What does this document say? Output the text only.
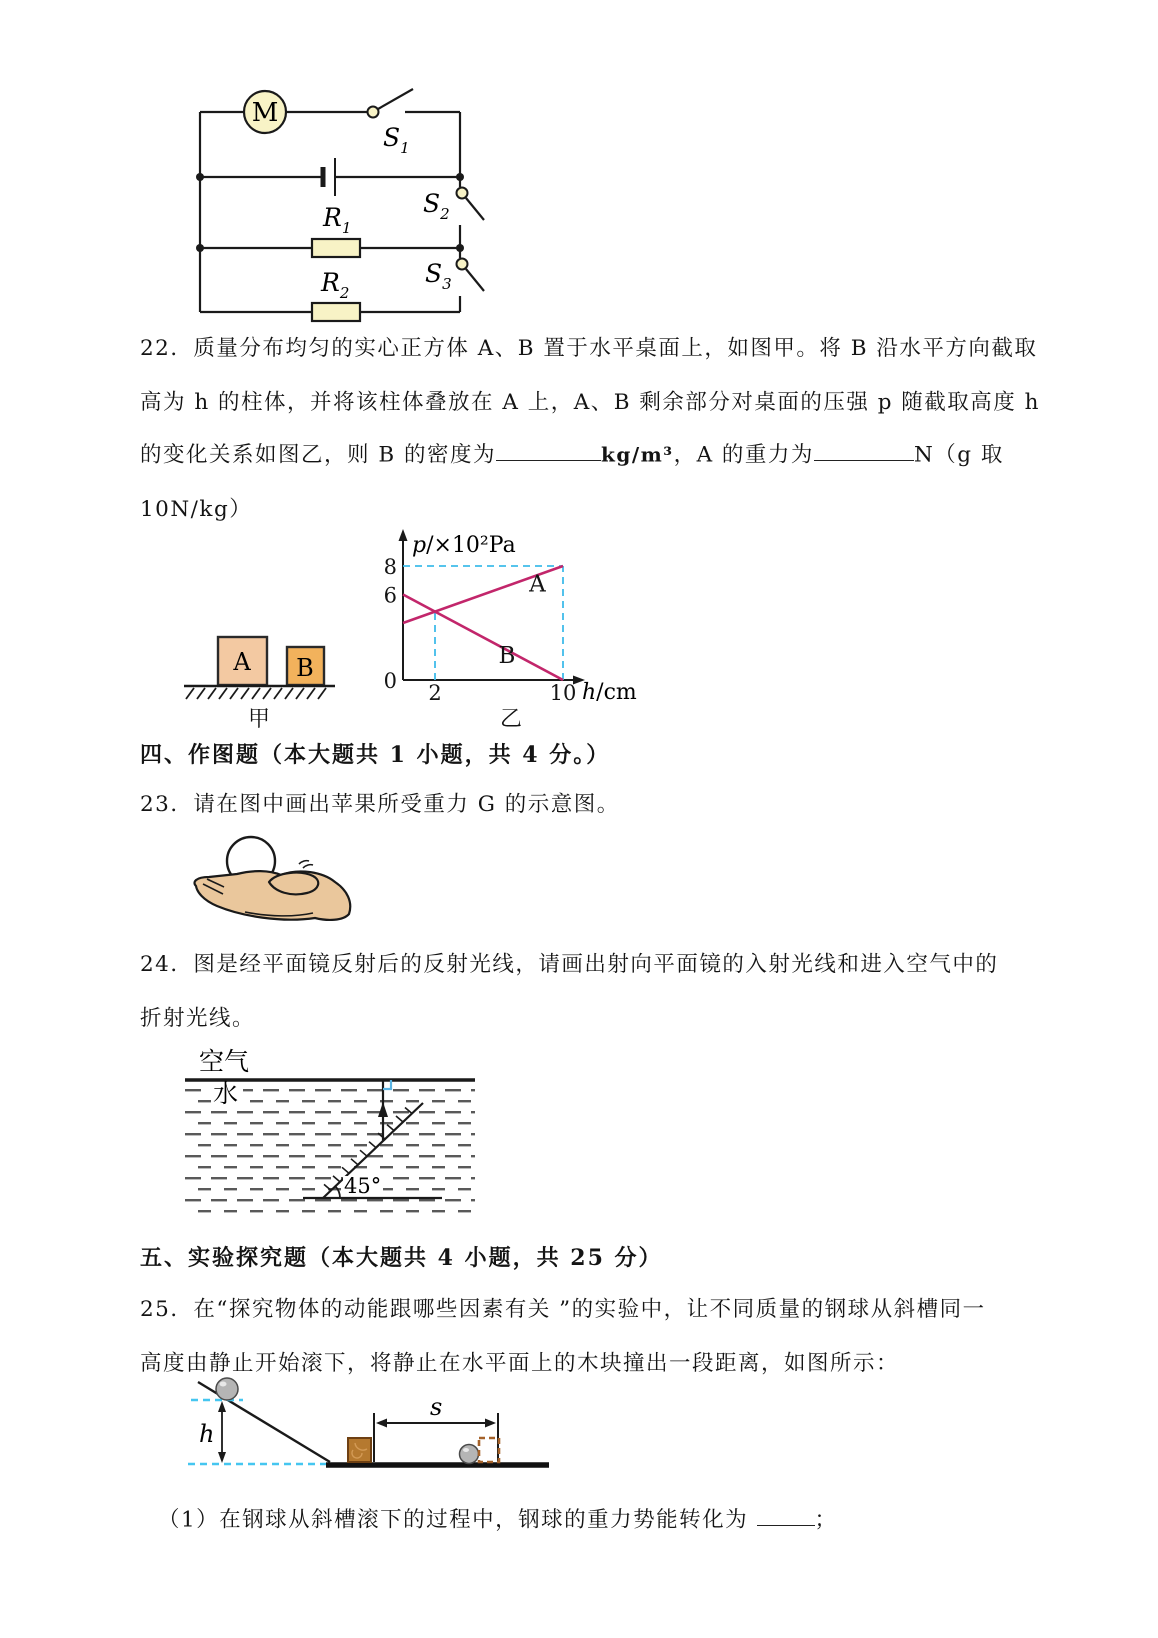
M
$S_1$
$S_2$
$S_3$
$R_1$
$R_2$
22．质量分布均匀的实心正方体 A、B 置于水平桌面上，如图甲。将 B 沿水平方向截取
高为 h 的柱体，并将该柱体叠放在 A 上，A、B 剩余部分对桌面的压强 p 随截取高度 h
的变化关系如图乙，则 B 的密度为	kg/m³，A 的重力为	N（g 取
10N/kg）
A B
甲
p/×10²Pa
h/cm
A
B
0
6
8
2	10
乙
四、作图题（本大题共 1 小题，共 4 分。）
23．请在图中画出苹果所受重力 G 的示意图。
24．图是经平面镜反射后的反射光线，请画出射向平面镜的入射光线和进入空气中的
折射光线。
空气
水
45°
五、实验探究题（本大题共 4 小题，共 25 分）
25．在“探究物体的动能跟哪些因素有关 ”的实验中，让不同质量的钢球从斜槽同一
高度由静止开始滚下，将静止在水平面上的木块撞出一段距离，如图所示：
h
s
（1）在钢球从斜槽滚下的过程中，钢球的重力势能转化为	；
